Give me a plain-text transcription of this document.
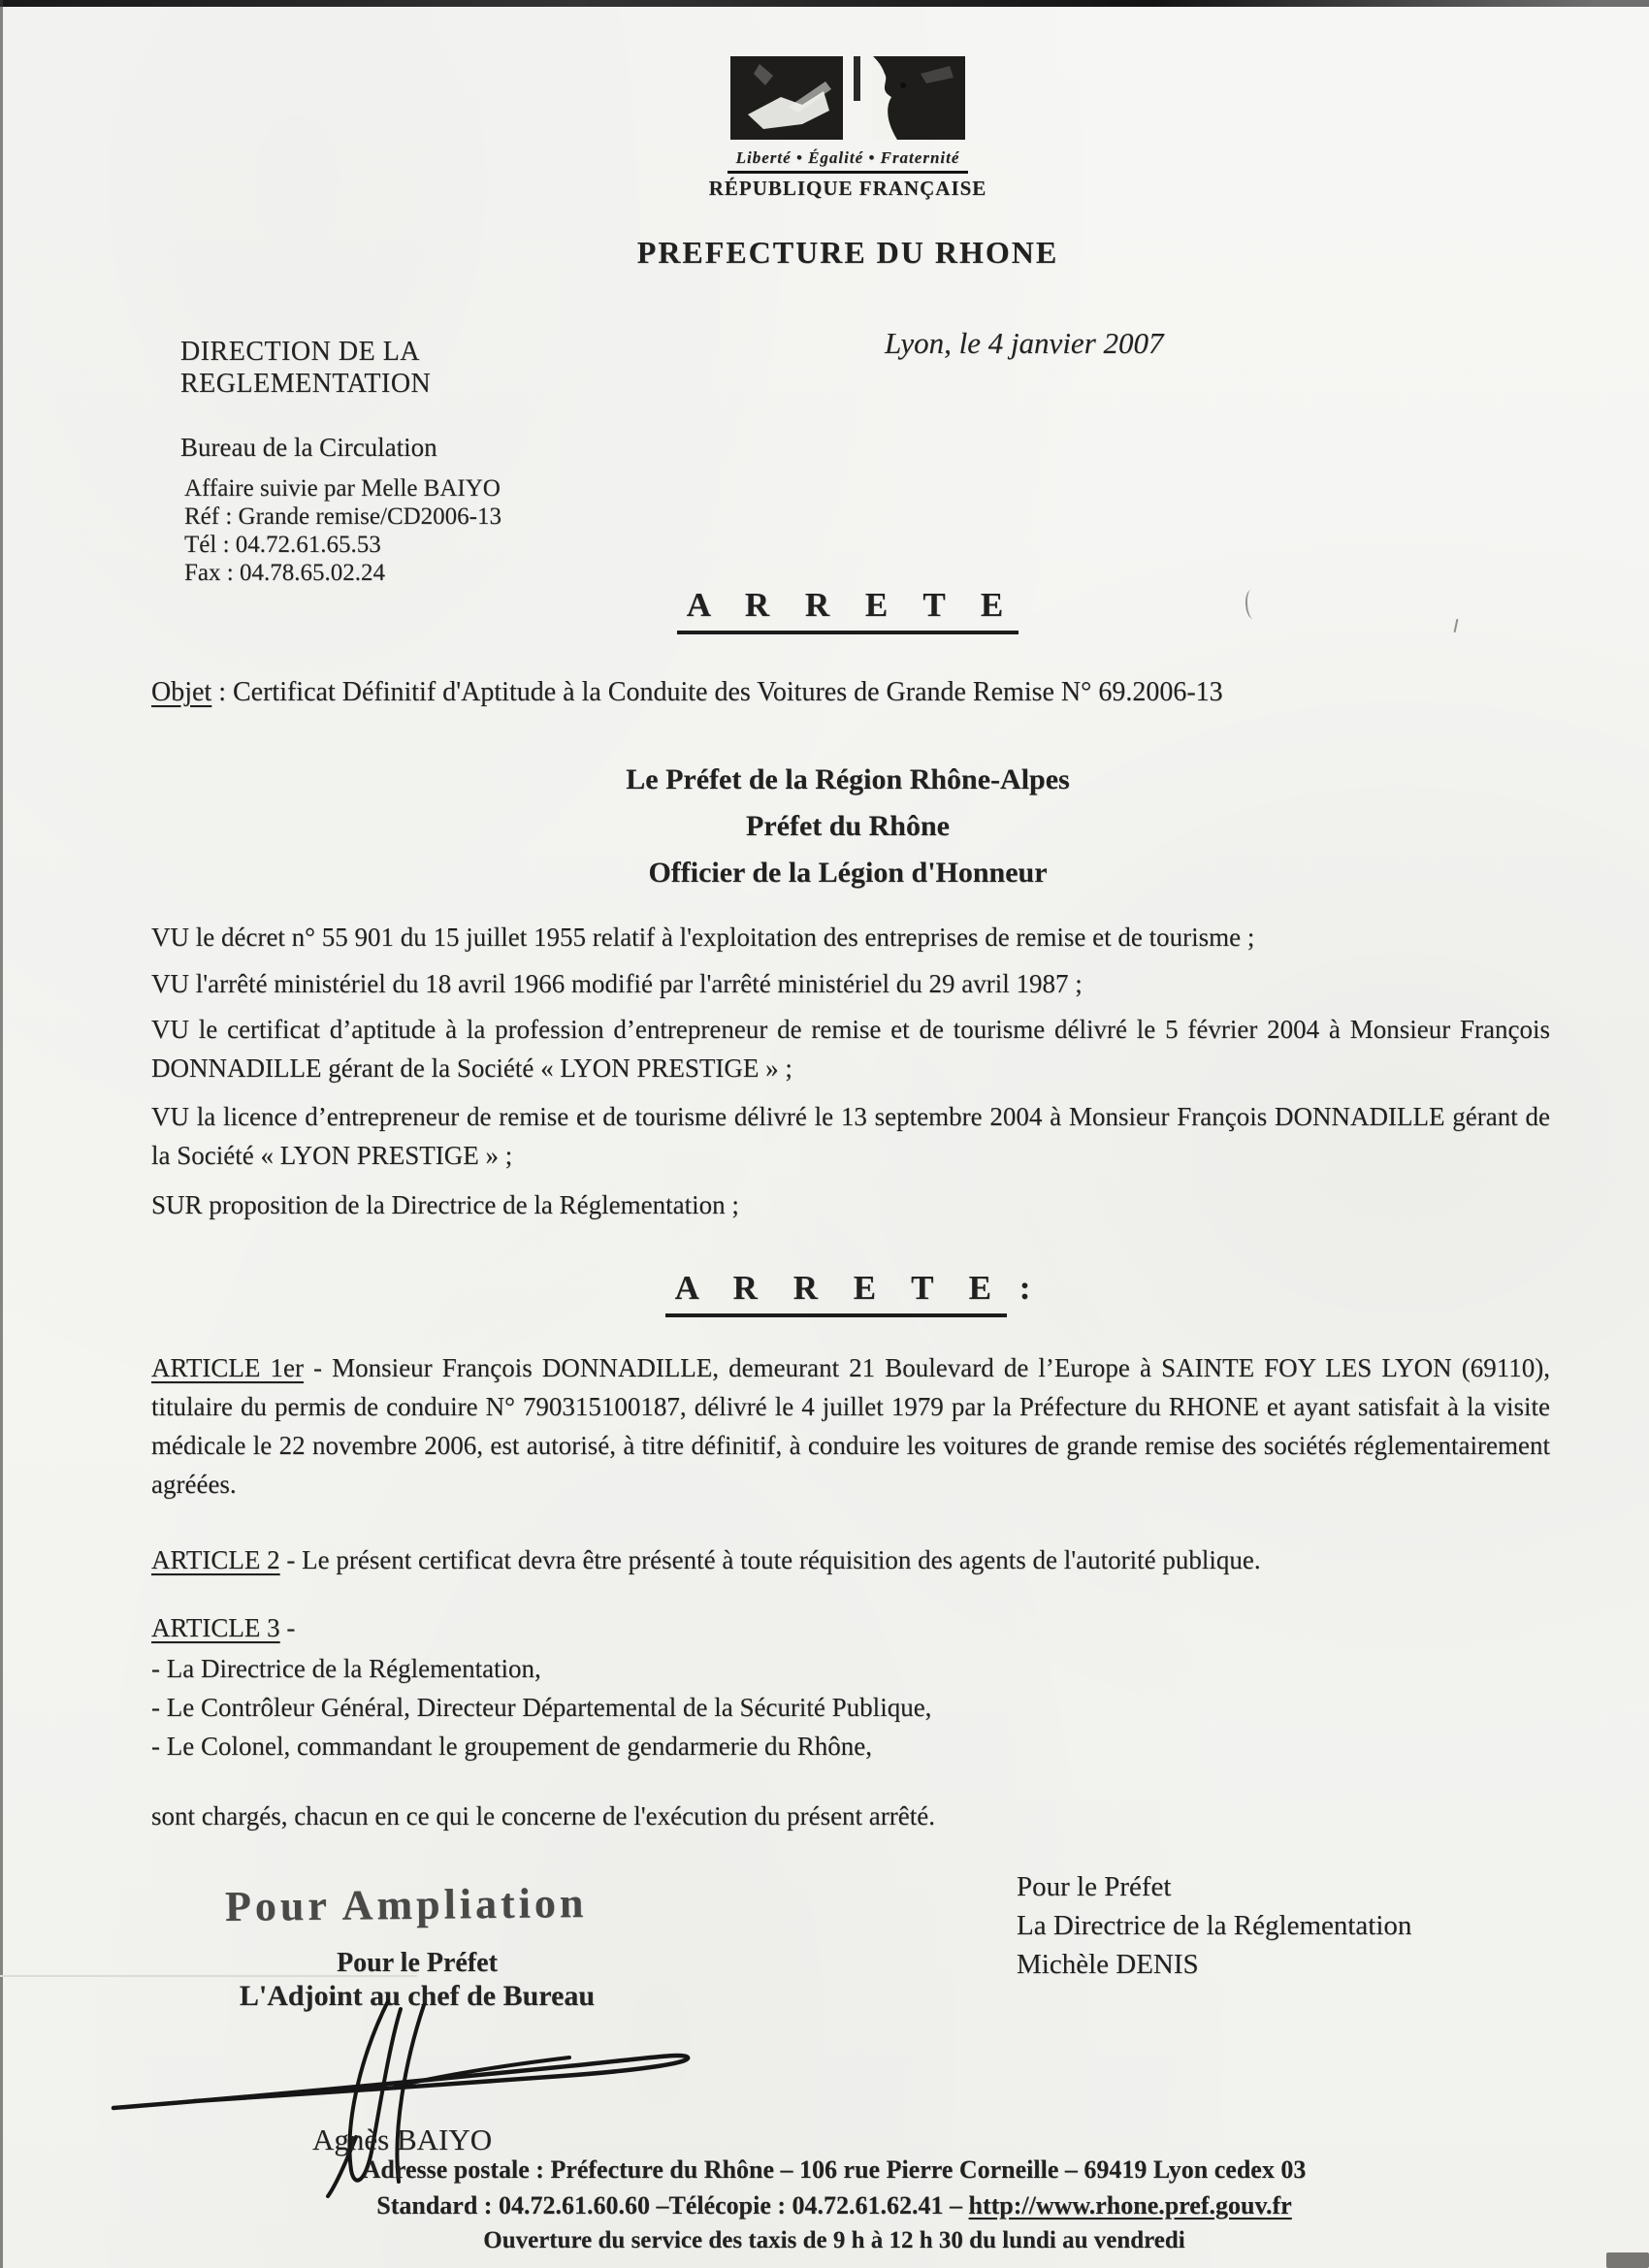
Liberté • Égalité • Fraternité
RÉPUBLIQUE FRANÇAISE
PREFECTURE DU RHONE
DIRECTION DE LA
REGLEMENTATION
Bureau de la Circulation
Affaire suivie par Melle BAIYO
Réf : Grande remise/CD2006-13
Tél : 04.72.61.65.53
Fax : 04.78.65.02.24
Lyon, le 4 janvier 2007
A R R E T E
Objet : Certificat Définitif d'Aptitude à la Conduite des Voitures de Grande Remise N° 69.2006-13
Le Préfet de la Région Rhône-Alpes
Préfet du Rhône
Officier de la Légion d'Honneur

VU le décret n° 55 901 du 15 juillet 1955 relatif à l'exploitation des entreprises de remise et de tourisme ;

VU l'arrêté ministériel du 18 avril 1966 modifié par l'arrêté ministériel du 29 avril 1987 ;

VU le certificat d’aptitude à la profession d’entrepreneur de remise et de tourisme délivré le 5 février 2004 à Monsieur François DONNADILLE gérant de la Société « LYON PRESTIGE » ;

VU la licence d’entrepreneur de remise et de tourisme délivré le 13 septembre 2004 à Monsieur François DONNADILLE gérant de la Société « LYON PRESTIGE » ;

SUR proposition de la Directrice de la Réglementation ;

A R R E T E :

ARTICLE 1er - Monsieur François DONNADILLE, demeurant 21 Boulevard de l’Europe à SAINTE FOY LES LYON (69110), titulaire du permis de conduire N° 790315100187, délivré le 4 juillet 1979 par la Préfecture du RHONE et ayant satisfait à la visite médicale le 22 novembre 2006, est autorisé, à titre définitif, à conduire les voitures de grande remise des sociétés réglementairement agréées.

ARTICLE 2 - Le présent certificat devra être présenté à toute réquisition des agents de l'autorité publique.

ARTICLE 3 -

- La Directrice de la Réglementation,
- Le Contrôleur Général, Directeur Départemental de la Sécurité Publique,
- Le Colonel, commandant le groupement de gendarmerie du Rhône,
sont chargés, chacun en ce qui le concerne de l'exécution du présent arrêté.
Pour Ampliation	Pour le Préfet
La Directrice de la Réglementation
Michèle DENIS
Pour le Préfet
L'Adjoint au chef de Bureau
Agnès BAIYO
Adresse postale : Préfecture du Rhône – 106 rue Pierre Corneille – 69419 Lyon cedex 03
Standard : 04.72.61.60.60 –Télécopie : 04.72.61.62.41 – http://www.rhone.pref.gouv.fr
Ouverture du service des taxis de 9 h à 12 h 30 du lundi au vendredi
